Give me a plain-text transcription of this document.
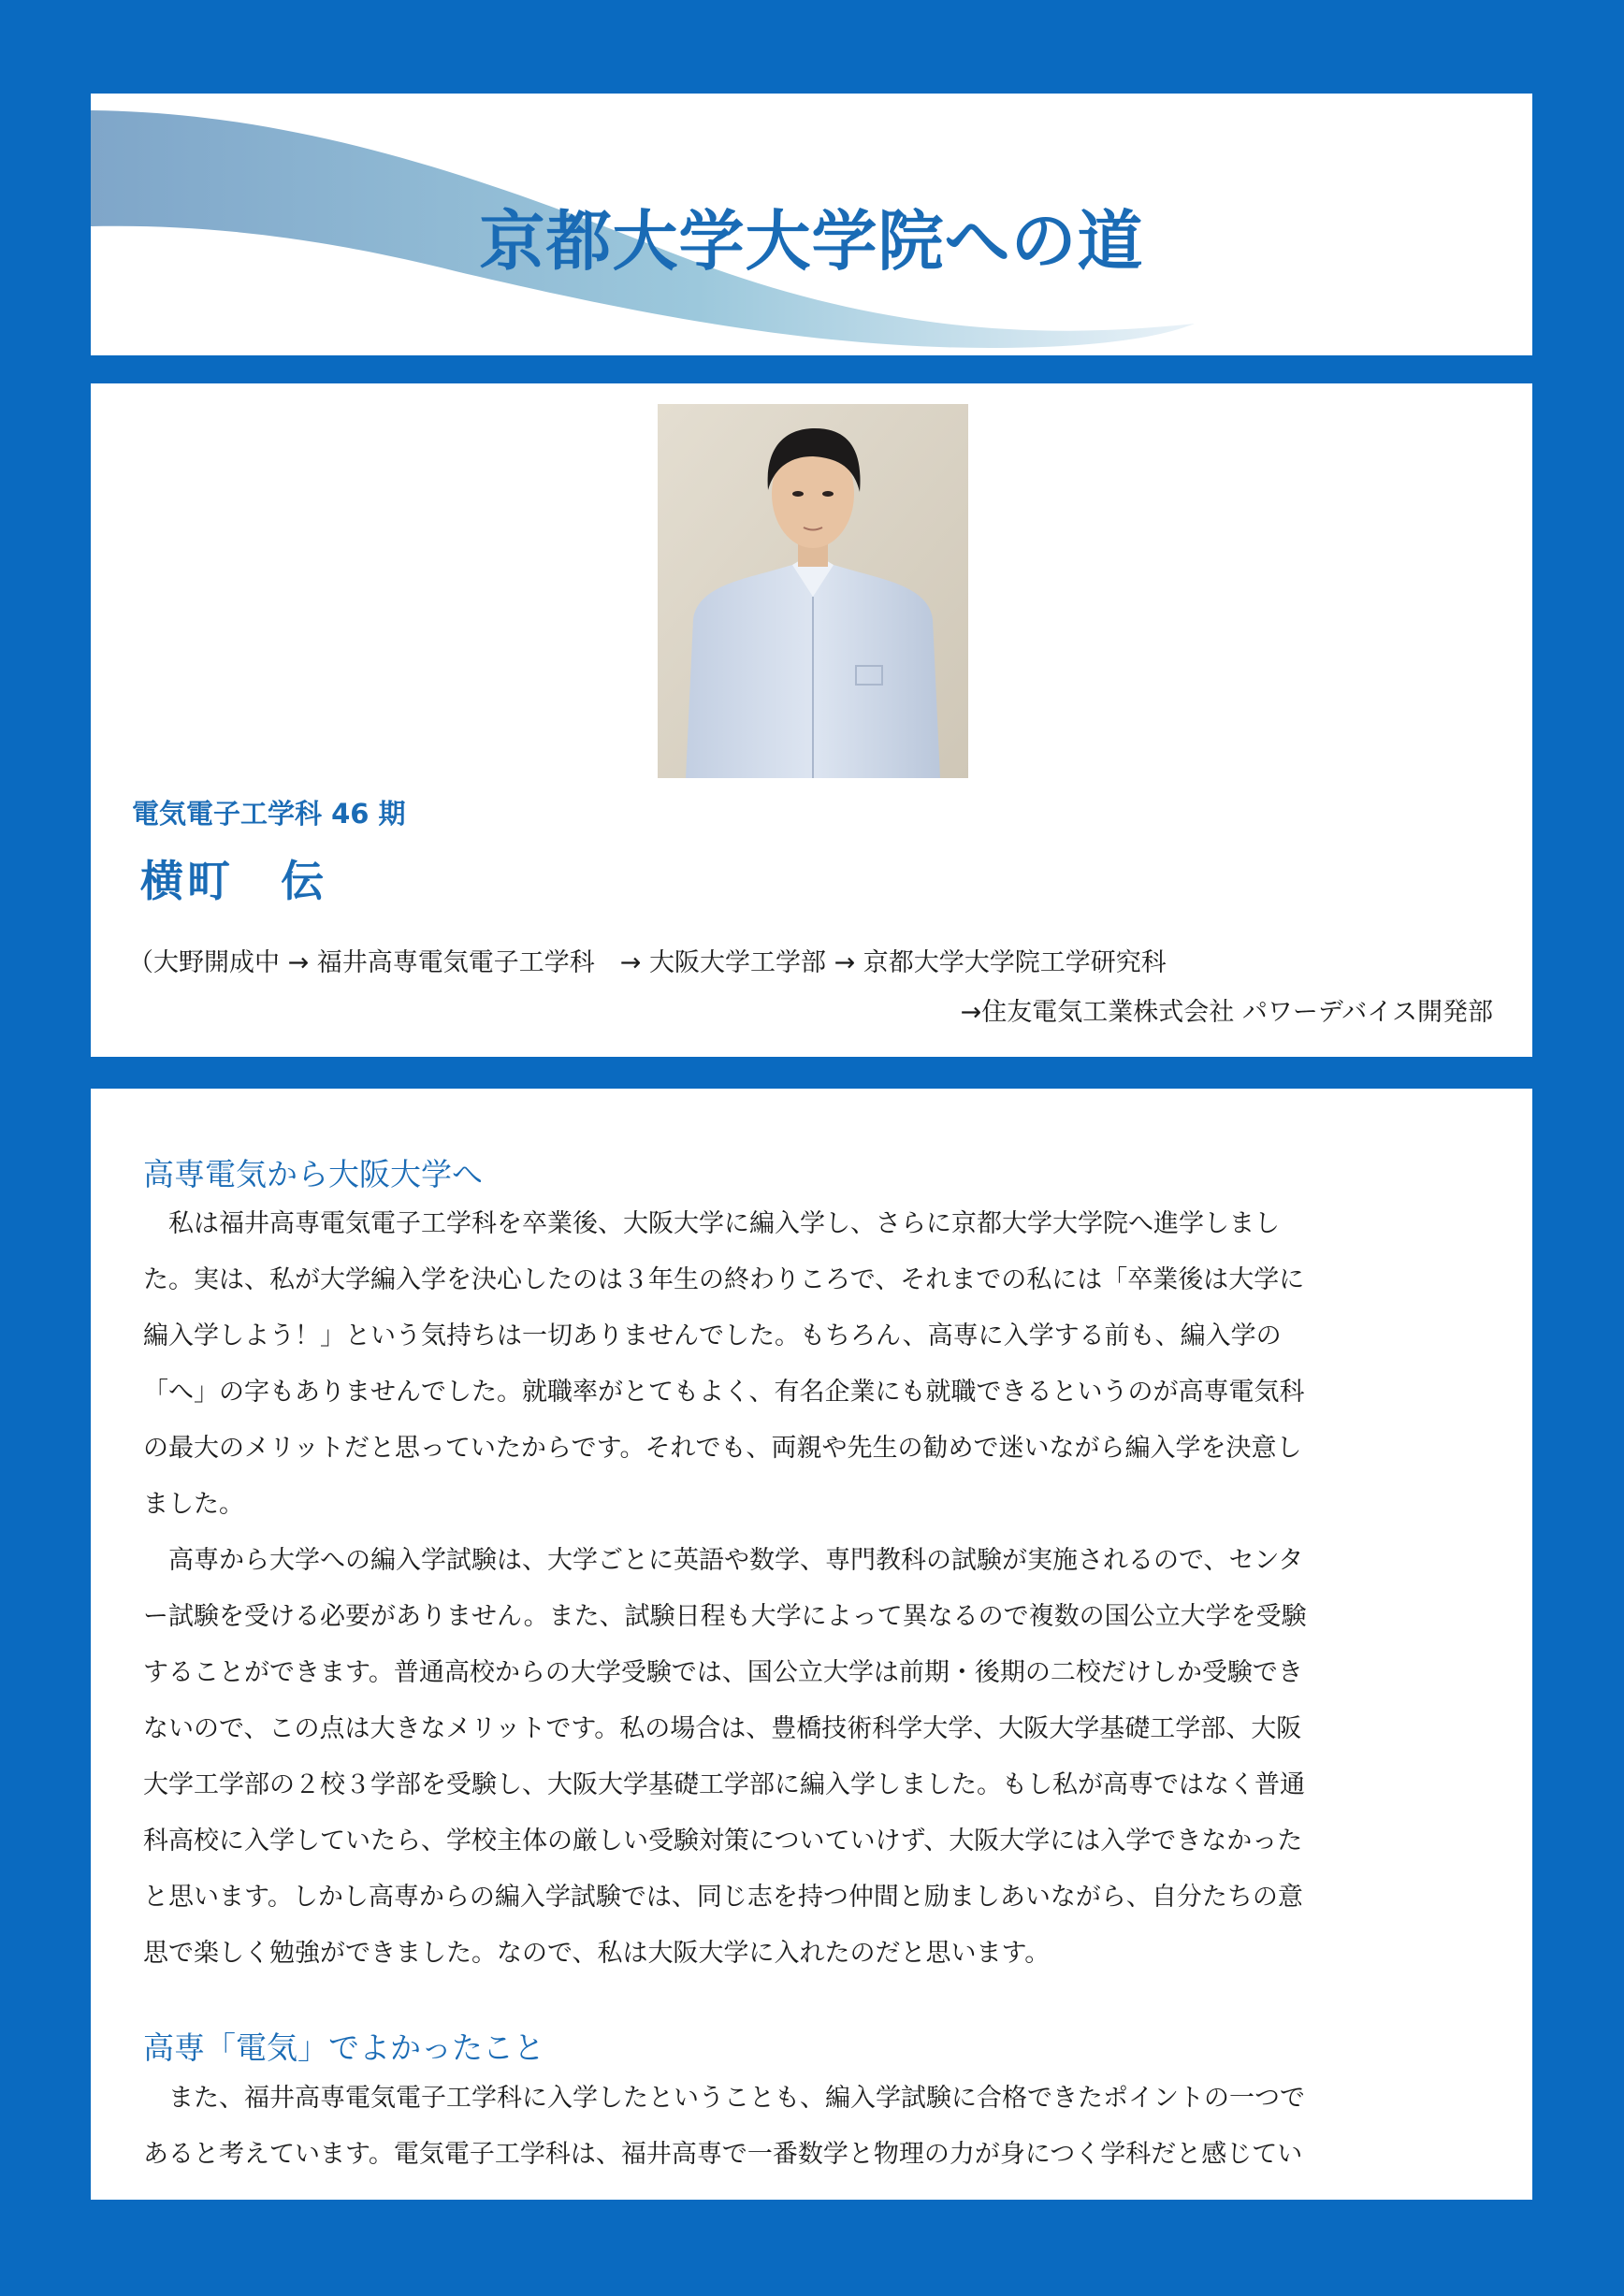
京都大学大学院への道
電気電子工学科 46 期
横町　伝
（大野開成中 → 福井高専電気電子工学科　→ 大阪大学工学部 → 京都大学大学院工学研究科
→住友電気工業株式会社 パワーデバイス開発部
高専電気から大阪大学へ

　私は福井高専電気電子工学科を卒業後、大阪大学に編入学し、さらに京都大学大学院へ進学しまし
た。実は、私が大学編入学を決心したのは３年生の終わりころで、それまでの私には「卒業後は大学に
編入学しよう！」という気持ちは一切ありませんでした。もちろん、高専に入学する前も、編入学の
「へ」の字もありませんでした。就職率がとてもよく、有名企業にも就職できるというのが高専電気科
の最大のメリットだと思っていたからです。それでも、両親や先生の勧めで迷いながら編入学を決意し
ました。

　高専から大学への編入学試験は、大学ごとに英語や数学、専門教科の試験が実施されるので、センタ
ー試験を受ける必要がありません。また、試験日程も大学によって異なるので複数の国公立大学を受験
することができます。普通高校からの大学受験では、国公立大学は前期・後期の二校だけしか受験でき
ないので、この点は大きなメリットです。私の場合は、豊橋技術科学大学、大阪大学基礎工学部、大阪
大学工学部の２校３学部を受験し、大阪大学基礎工学部に編入学しました。もし私が高専ではなく普通
科高校に入学していたら、学校主体の厳しい受験対策についていけず、大阪大学には入学できなかった
と思います。しかし高専からの編入学試験では、同じ志を持つ仲間と励ましあいながら、自分たちの意
思で楽しく勉強ができました。なので、私は大阪大学に入れたのだと思います。

高専「電気」でよかったこと

　また、福井高専電気電子工学科に入学したということも、編入学試験に合格できたポイントの一つで
あると考えています。電気電子工学科は、福井高専で一番数学と物理の力が身につく学科だと感じてい
